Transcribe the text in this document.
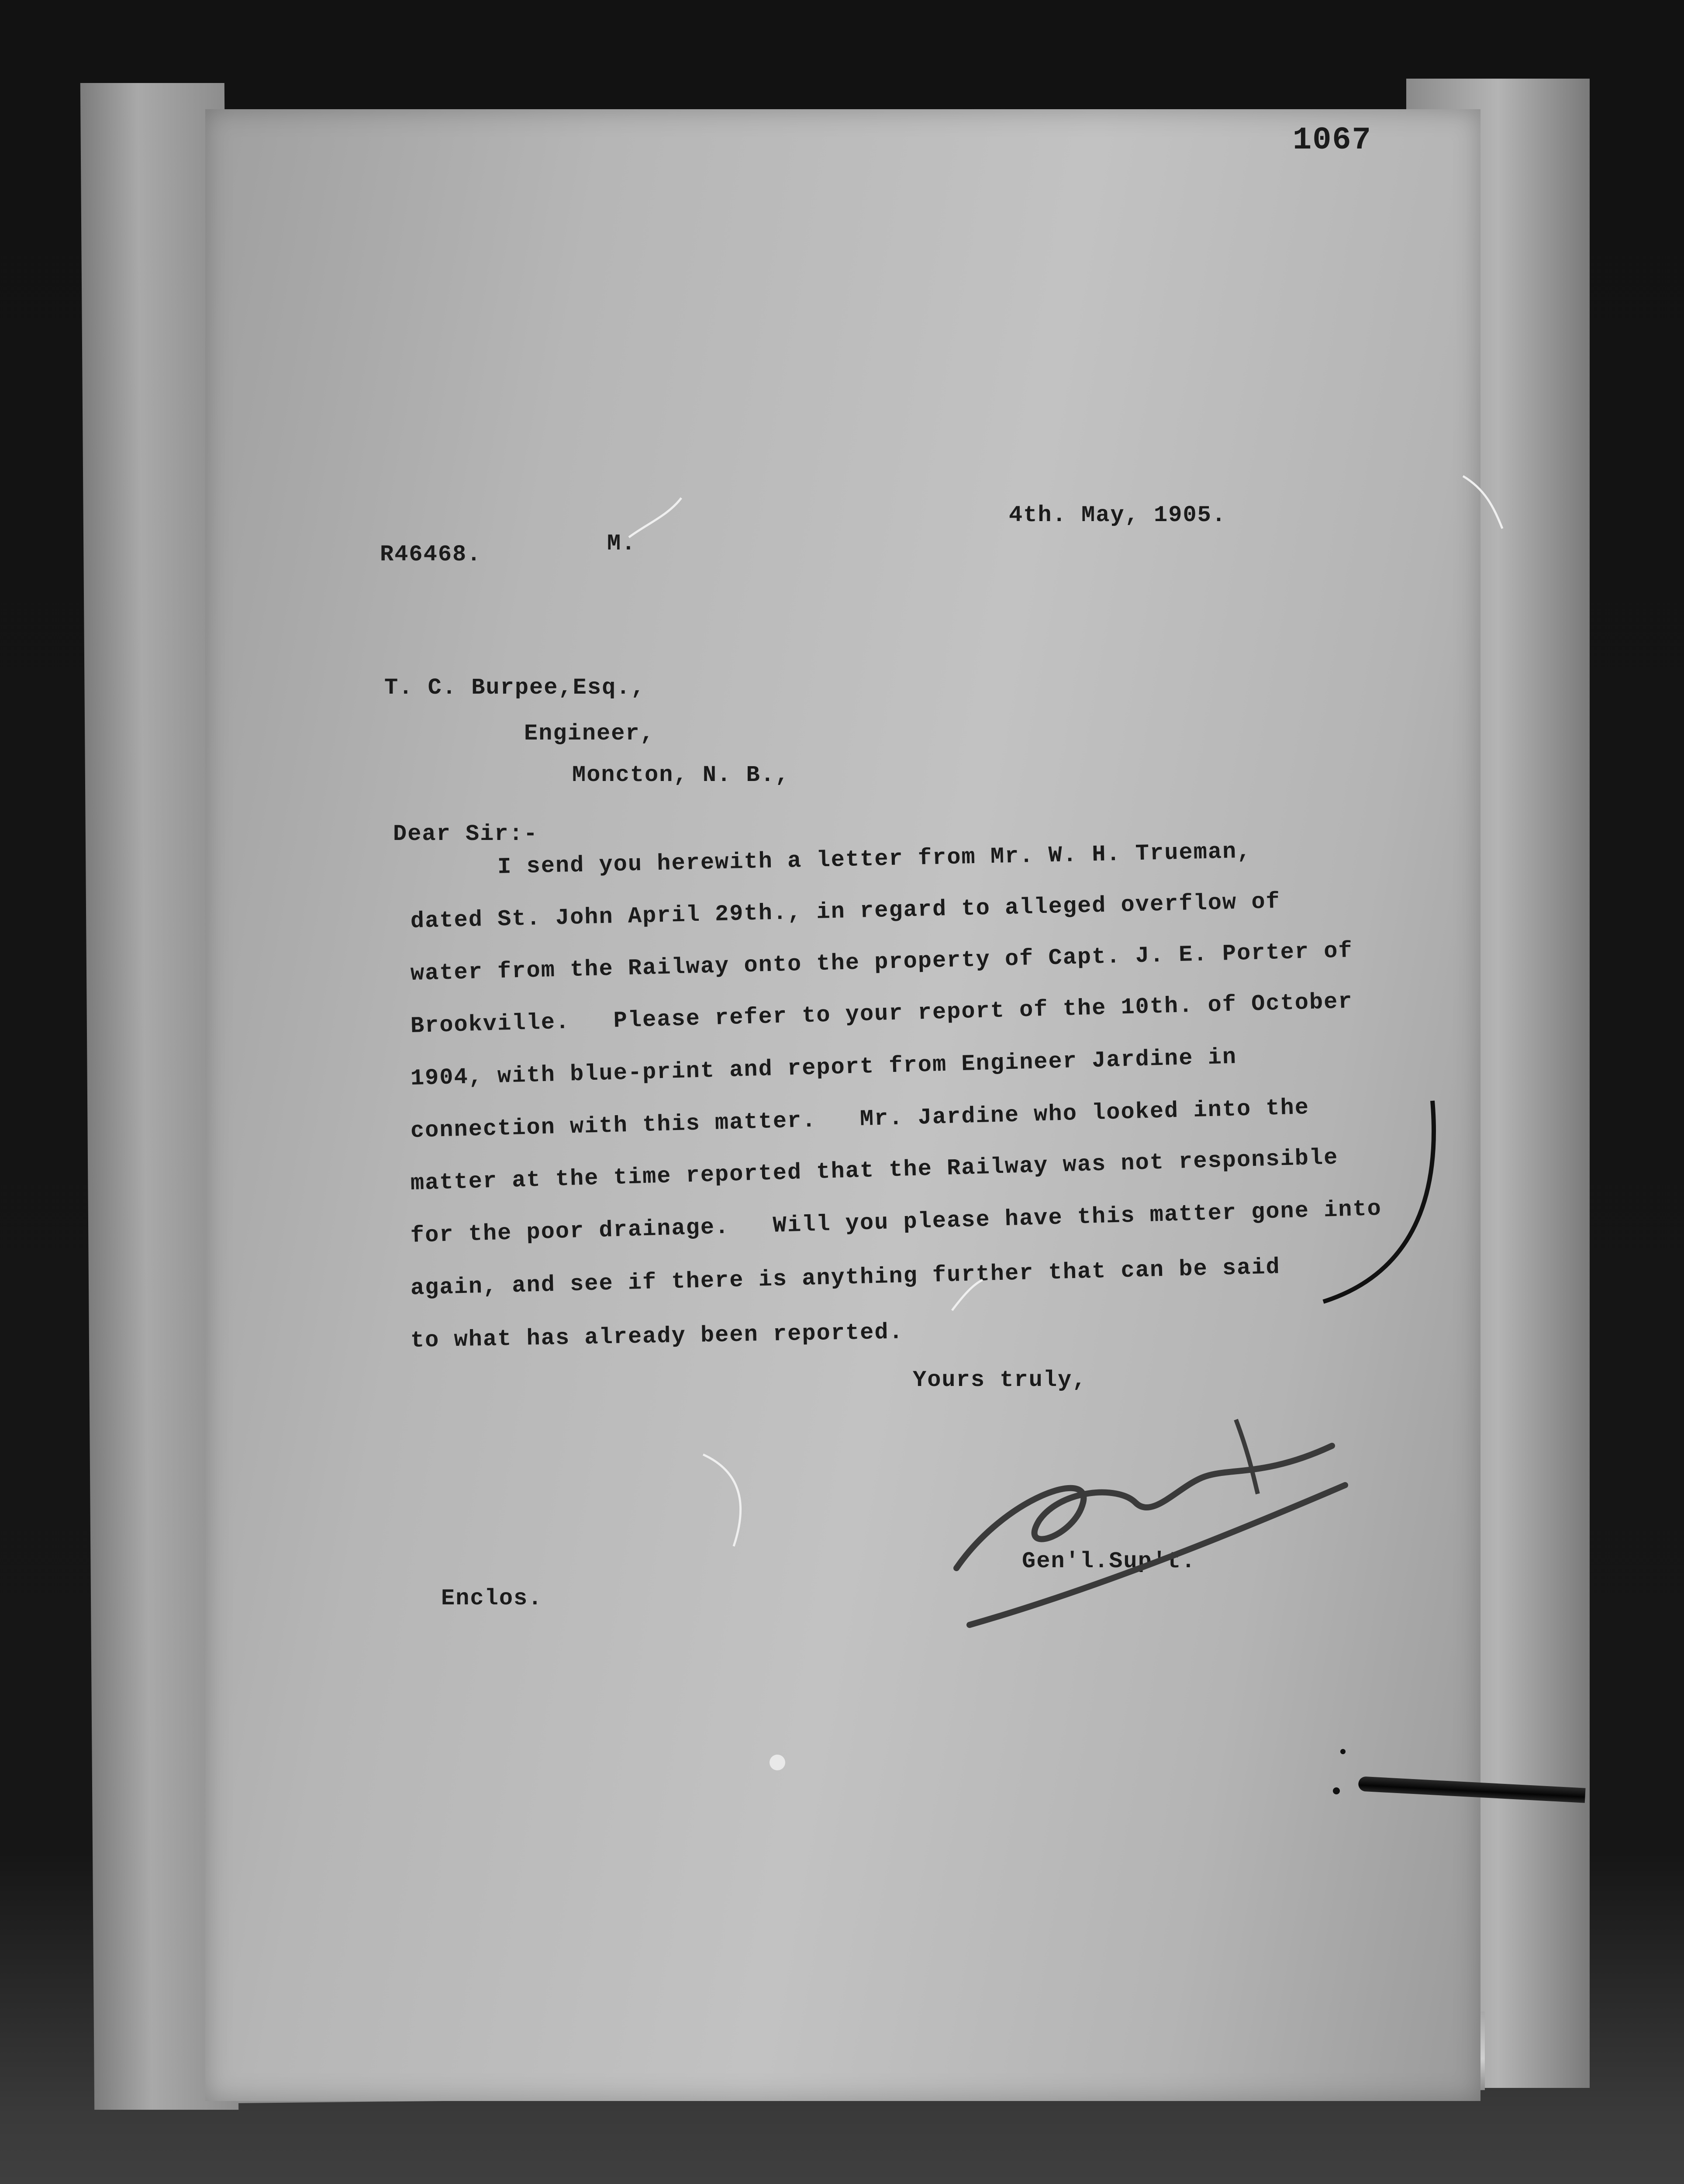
1067
4th. May, 1905.
R46468.	M.
T. C. Burpee,Esq.,
Engineer,
Moncton, N. B.,
Dear Sir:-
I send you herewith a letter from Mr. W. H. Trueman,
dated St. John April 29th., in regard to alleged overflow of
water from the Railway onto the property of Capt. J. E. Porter of
Brookville.   Please refer to your report of the 10th. of October
1904, with blue-print and report from Engineer Jardine in
connection with this matter.   Mr. Jardine who looked into the
matter at the time reported that the Railway was not responsible
for the poor drainage.   Will you please have this matter gone into
again, and see if there is anything further that can be said
to what has already been reported.
Yours truly,
Gen'l.Sup't.
Enclos.
